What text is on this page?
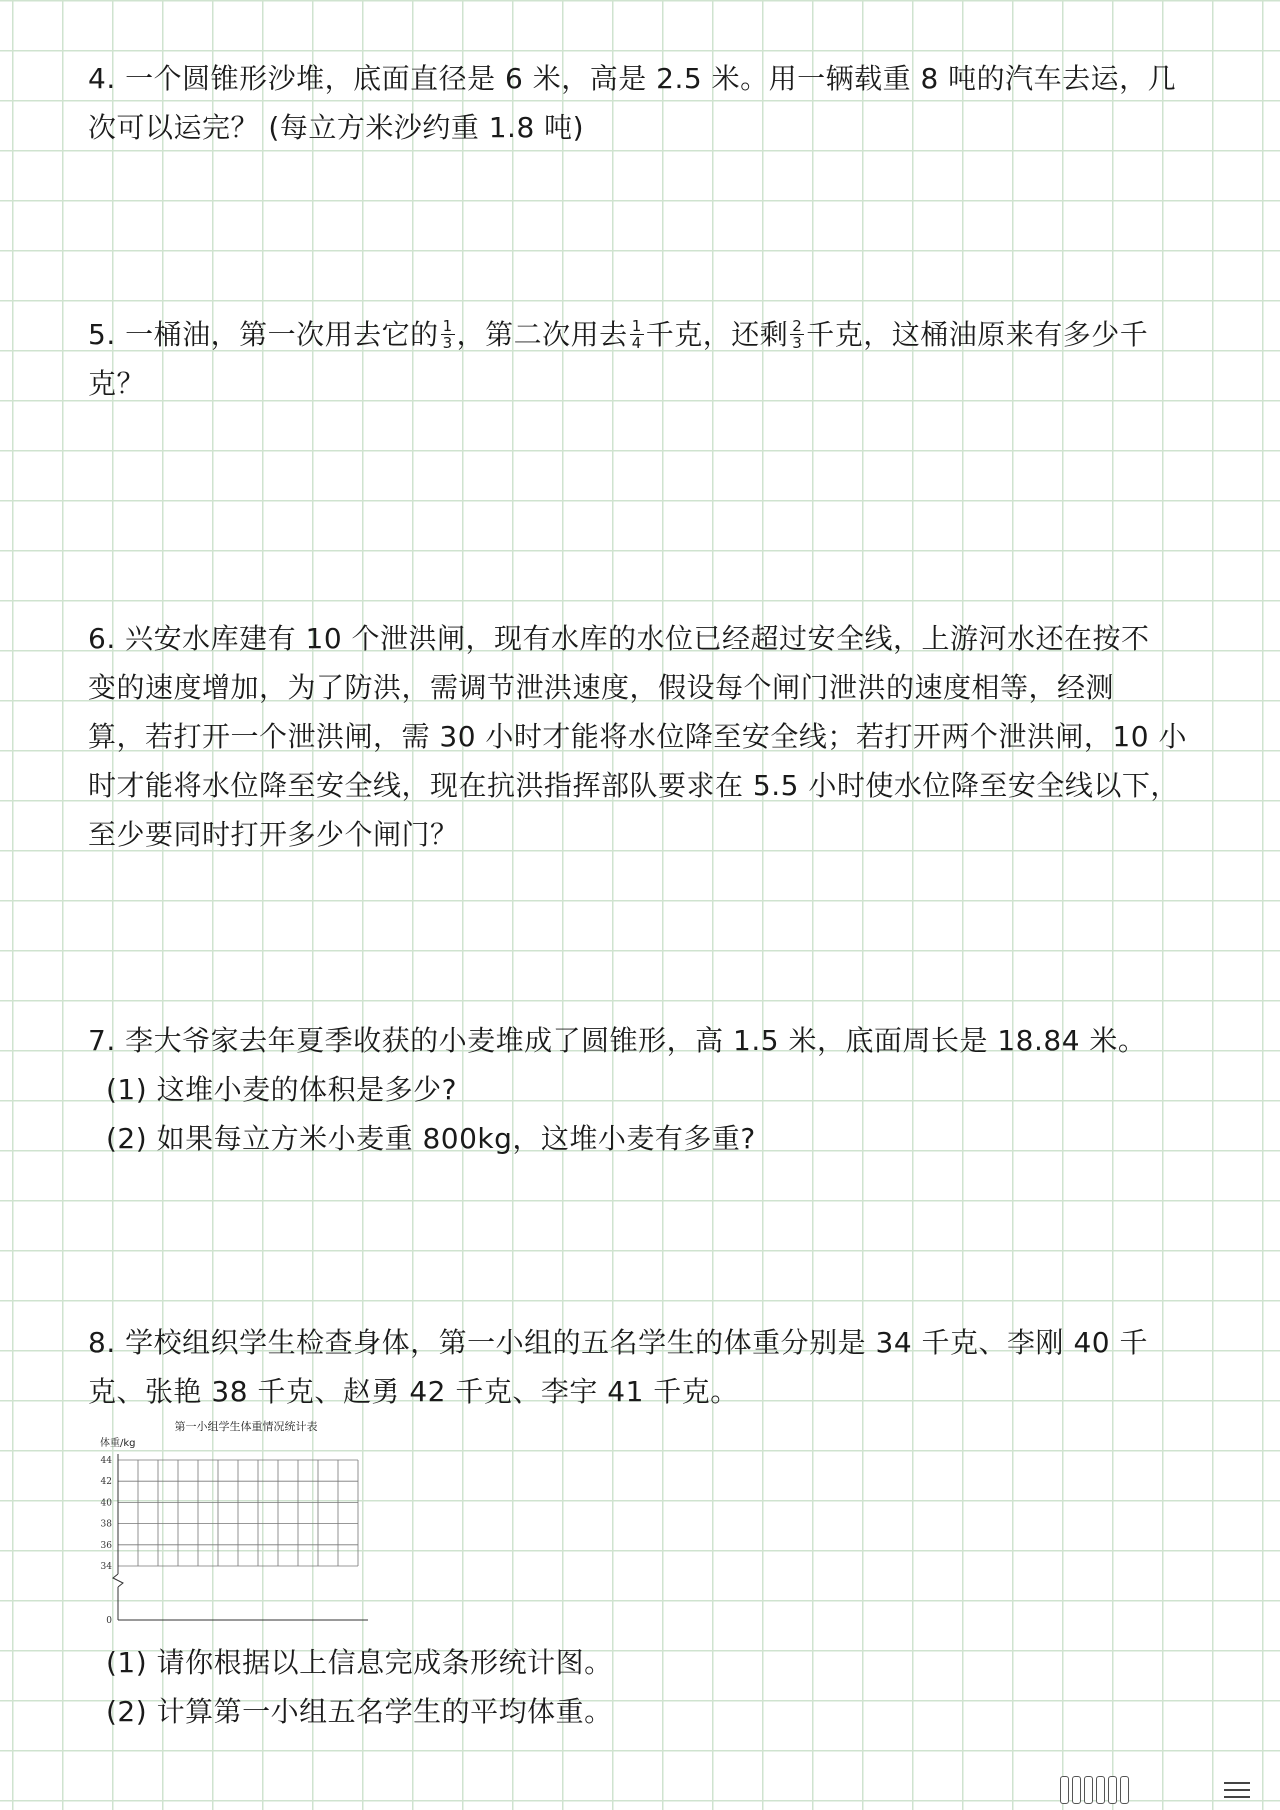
4. 一个圆锥形沙堆，底面直径是 6 米，高是 2.5 米。用一辆载重 8 吨的汽车去运，几

次可以运完？ (每立方米沙约重 1.8 吨)

5. 一桶油，第一次用去它的 $\frac{1}{3}$ ，第二次用去 $\frac{1}{4}$ 千克，还剩 $\frac{2}{3}$ 千克，这桶油原来有多少千

克？

6. 兴安水库建有 10 个泄洪闸，现有水库的水位已经超过安全线，上游河水还在按不

变的速度增加，为了防洪，需调节泄洪速度，假设每个闸门泄洪的速度相等，经测

算，若打开一个泄洪闸，需 30 小时才能将水位降至安全线；若打开两个泄洪闸，10 小

时才能将水位降至安全线，现在抗洪指挥部队要求在 5.5 小时使水位降至安全线以下，

至少要同时打开多少个闸门？

7. 李大爷家去年夏季收获的小麦堆成了圆锥形，高 1.5 米，底面周长是 18.84 米。

(1) 这堆小麦的体积是多少?

(2) 如果每立方米小麦重 800kg，这堆小麦有多重?

8. 学校组织学生检查身体，第一小组的五名学生的体重分别是 34 千克、李刚 40 千

克、张艳 38 千克、赵勇 42 千克、李宇 41 千克。

第一小组学生体重情况统计表
体重/kg
0
34
36
38
40
42
44

(1) 请你根据以上信息完成条形统计图。

(2) 计算第一小组五名学生的平均体重。
